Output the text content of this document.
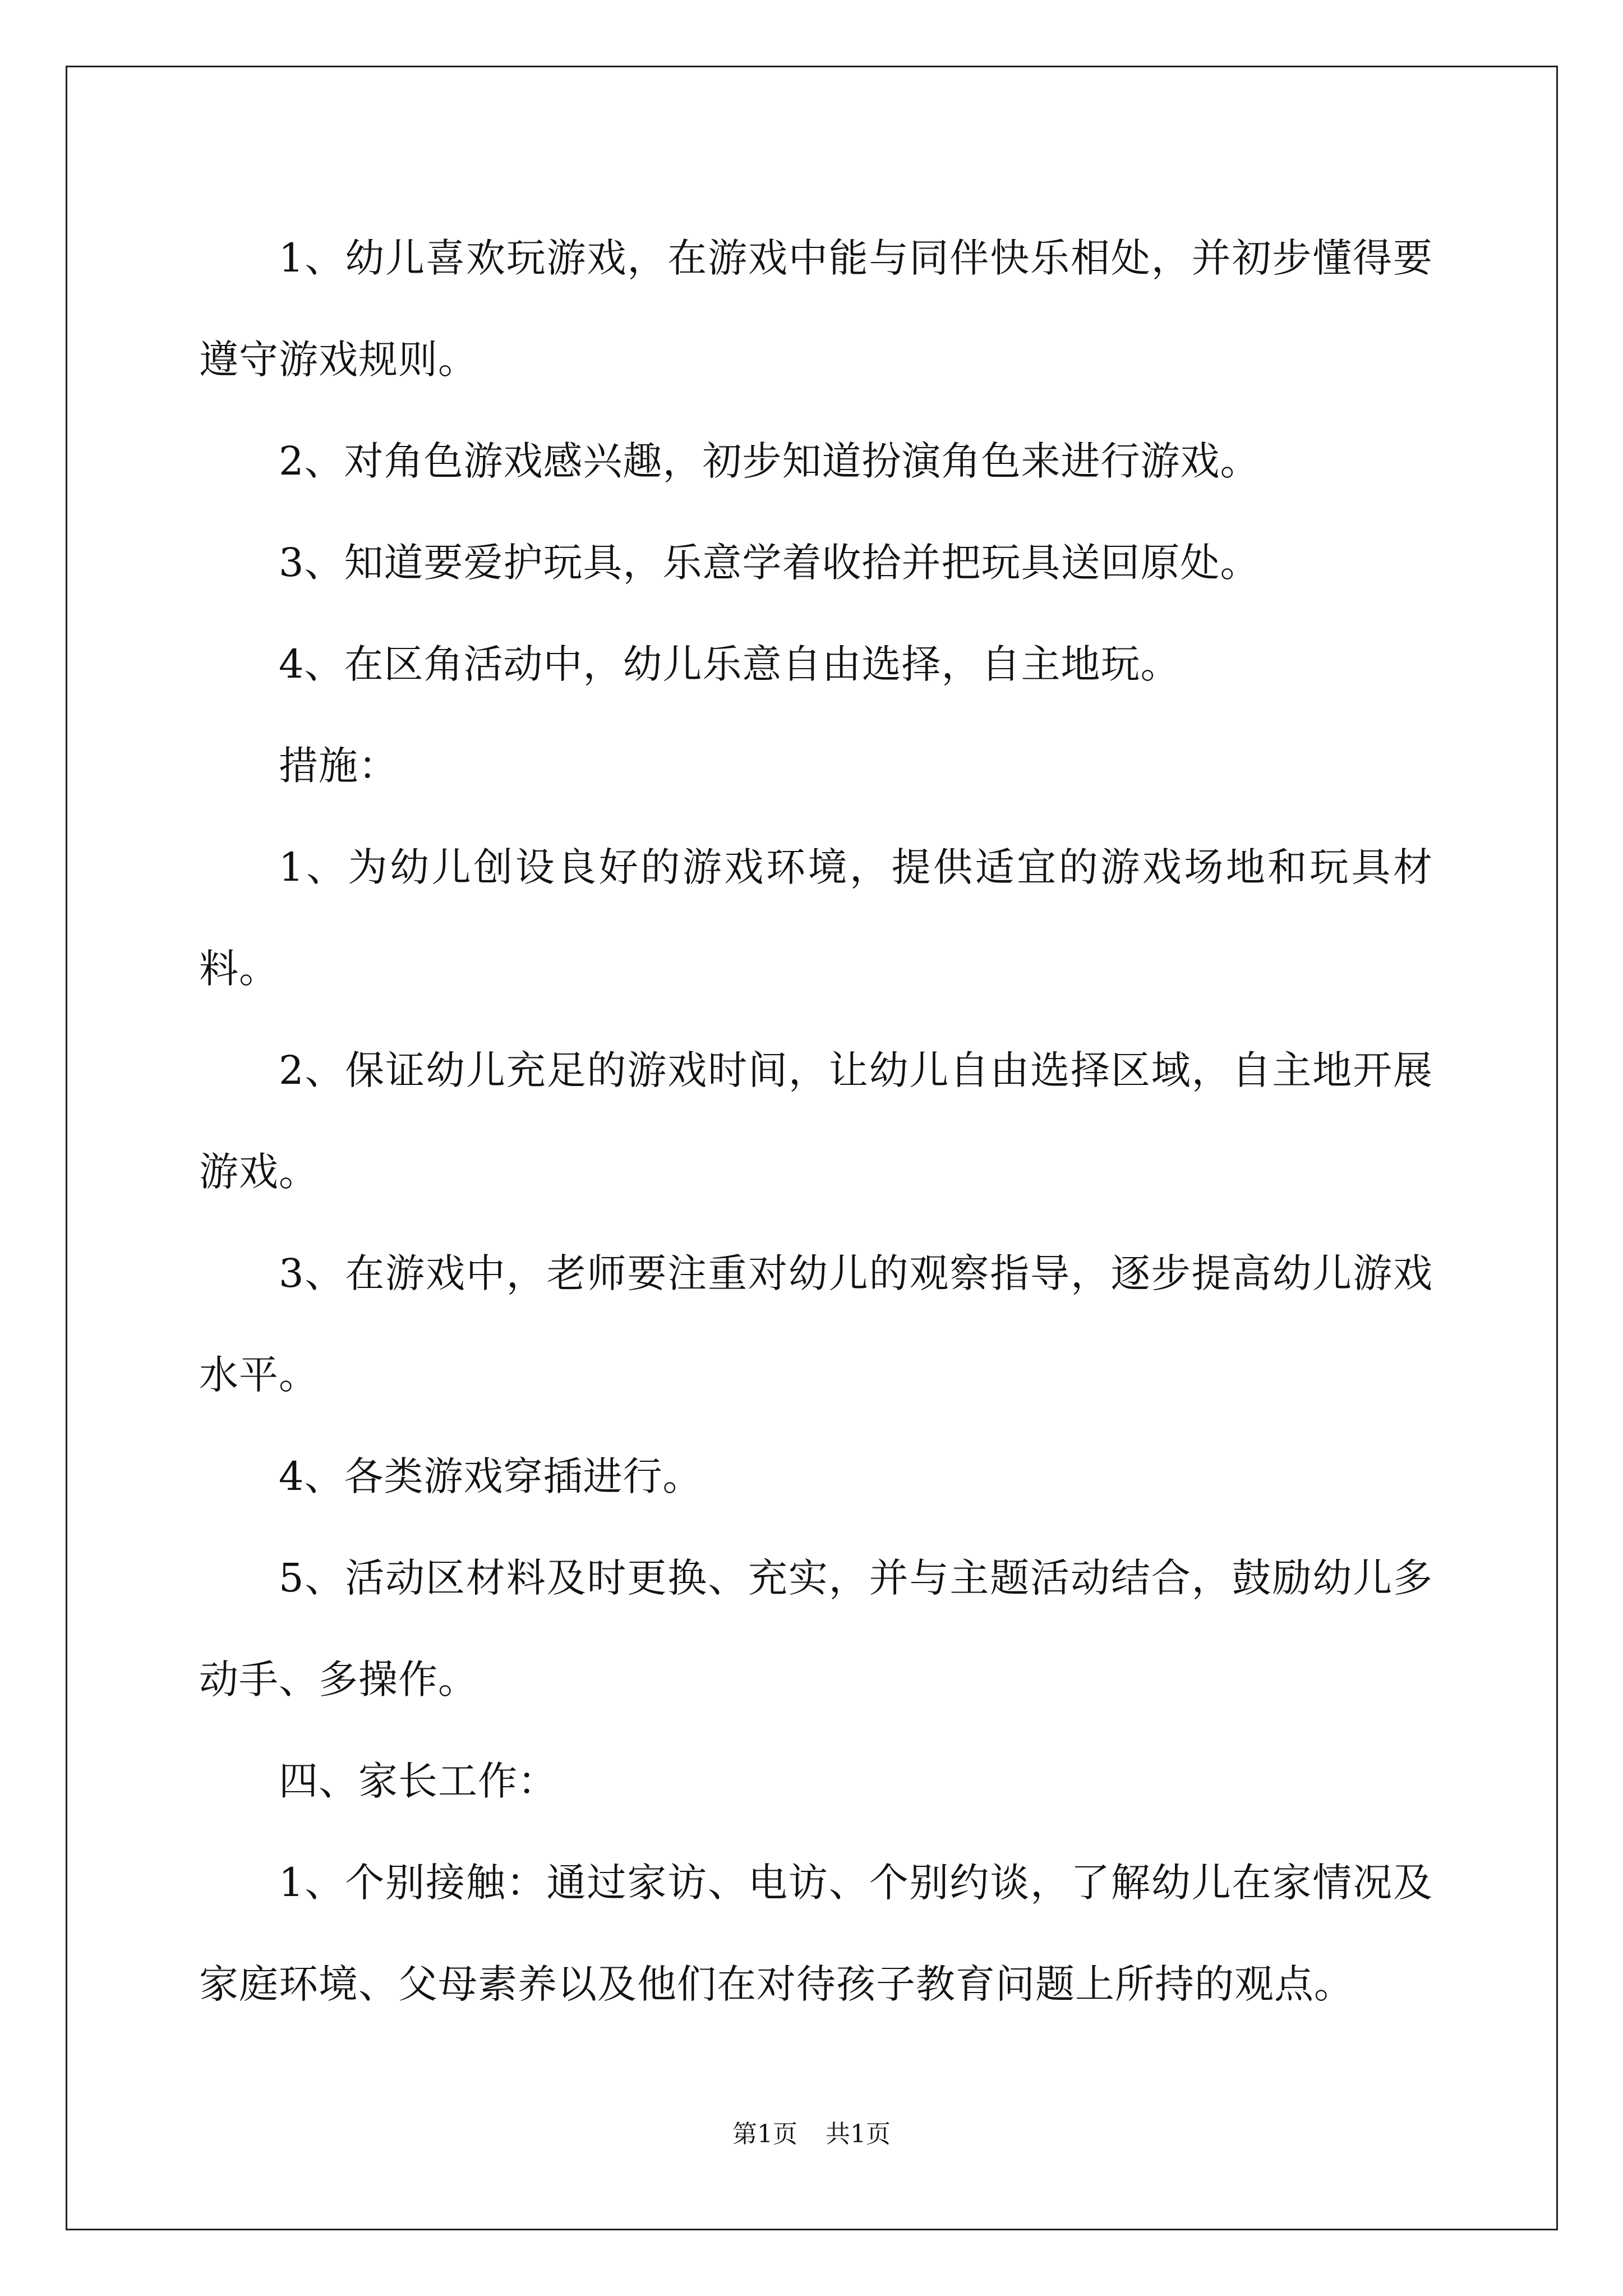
1、幼儿喜欢玩游戏，在游戏中能与同伴快乐相处，并初步懂得要遵守游戏规则。

2、对角色游戏感兴趣，初步知道扮演角色来进行游戏。

3、知道要爱护玩具，乐意学着收拾并把玩具送回原处。

4、在区角活动中，幼儿乐意自由选择，自主地玩。

措施：

1、为幼儿创设良好的游戏环境，提供适宜的游戏场地和玩具材料。

2、保证幼儿充足的游戏时间，让幼儿自由选择区域，自主地开展游戏。

3、在游戏中，老师要注重对幼儿的观察指导，逐步提高幼儿游戏水平。

4、各类游戏穿插进行。

5、活动区材料及时更换、充实，并与主题活动结合，鼓励幼儿多动手、多操作。

四、家长工作：

1、个别接触：通过家访、电访、个别约谈，了解幼儿在家情况及家庭环境、父母素养以及他们在对待孩子教育问题上所持的观点。

第1页 共1页
